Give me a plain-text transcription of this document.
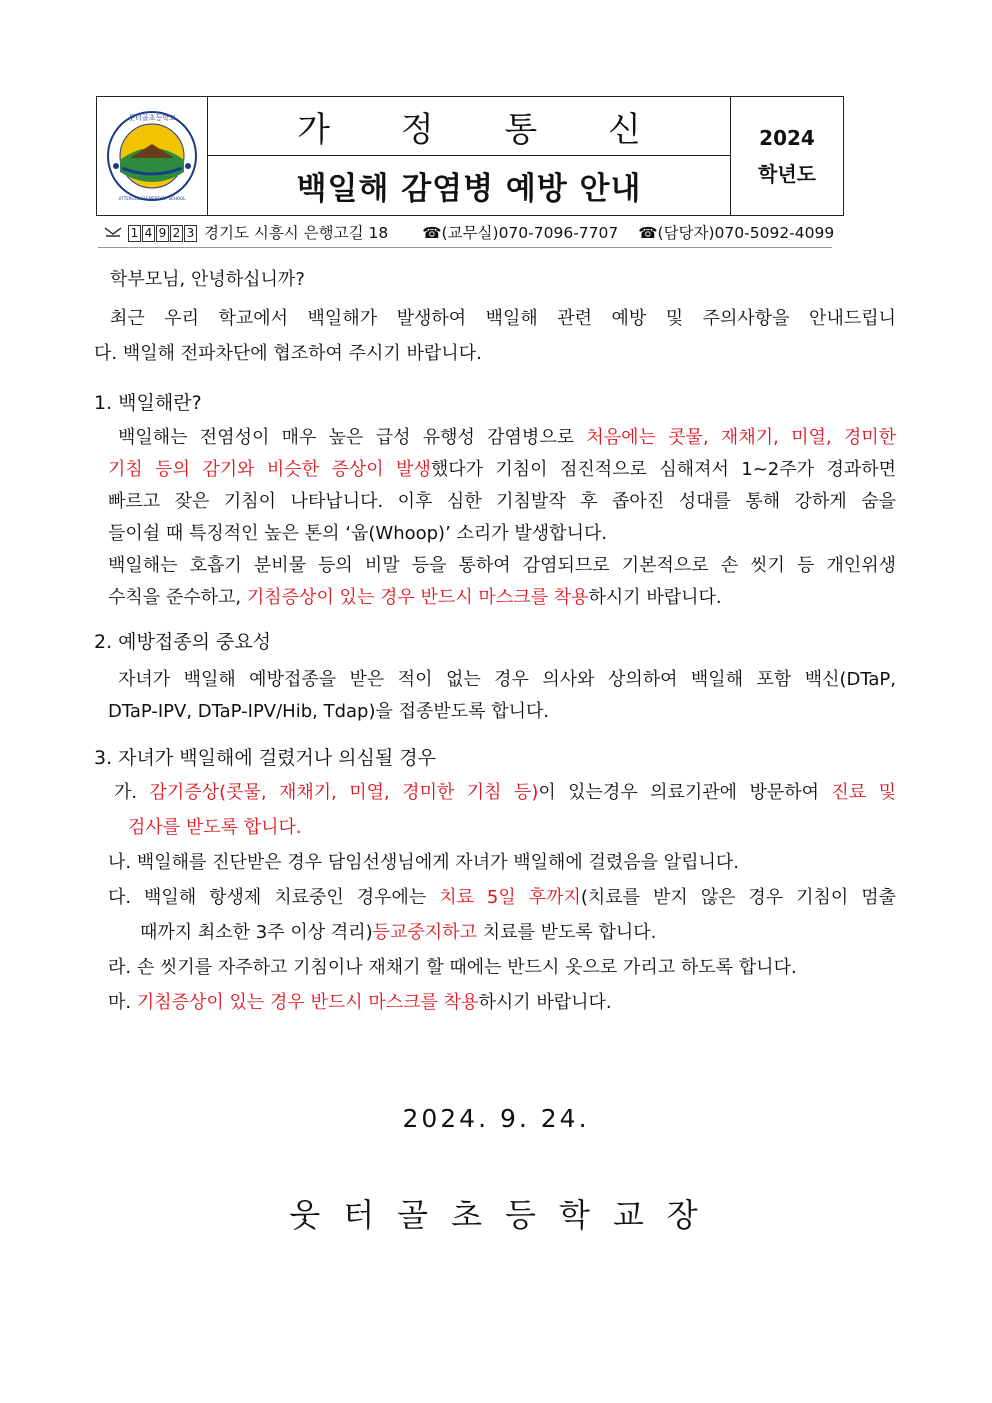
웃터골초등학교
UTTERGOL ELEMENTARY SCHOOL
가 정 통 신
백일해 감염병 예방 안내
2024
학년도
1 4 9 2 3 경기도 시흥시 은행고길 18 ☎(교무실)070-7096-7707 ☎(담당자)070-5092-4099
학부모님, 안녕하십니까?
최근 우리 학교에서 백일해가 발생하여 백일해 관련 예방 및 주의사항을 안내드립니
다. 백일해 전파차단에 협조하여 주시기 바랍니다.
1. 백일해란?
백일해는 전염성이 매우 높은 급성 유행성 감염병으로 처음에는 콧물, 재채기, 미열, 경미한
기침 등의 감기와 비슷한 증상이 발생했다가 기침이 점진적으로 심해져서 1~2주가 경과하면
빠르고 잦은 기침이 나타납니다. 이후 심한 기침발작 후 좁아진 성대를 통해 강하게 숨을
들이쉴 때 특징적인 높은 톤의 ‘웁(Whoop)’ 소리가 발생합니다.
백일해는 호흡기 분비물 등의 비말 등을 통하여 감염되므로 기본적으로 손 씻기 등 개인위생
수칙을 준수하고, 기침증상이 있는 경우 반드시 마스크를 착용하시기 바랍니다.
2. 예방접종의 중요성
자녀가 백일해 예방접종을 받은 적이 없는 경우 의사와 상의하여 백일해 포함 백신(DTaP,
DTaP-IPV, DTaP-IPV/Hib, Tdap)을 접종받도록 합니다.
3. 자녀가 백일해에 걸렸거나 의심될 경우
가. 감기증상(콧물, 재채기, 미열, 경미한 기침 등)이 있는경우 의료기관에 방문하여 진료 및
검사를 받도록 합니다.
나. 백일해를 진단받은 경우 담임선생님에게 자녀가 백일해에 걸렸음을 알립니다.
다. 백일해 항생제 치료중인 경우에는 치료 5일 후까지(치료를 받지 않은 경우 기침이 멈출
때까지 최소한 3주 이상 격리)등교중지하고 치료를 받도록 합니다.
라. 손 씻기를 자주하고 기침이나 재채기 할 때에는 반드시 옷으로 가리고 하도록 합니다.
마. 기침증상이 있는 경우 반드시 마스크를 착용하시기 바랍니다.
2024. 9. 24.
웃터골초등학교장
